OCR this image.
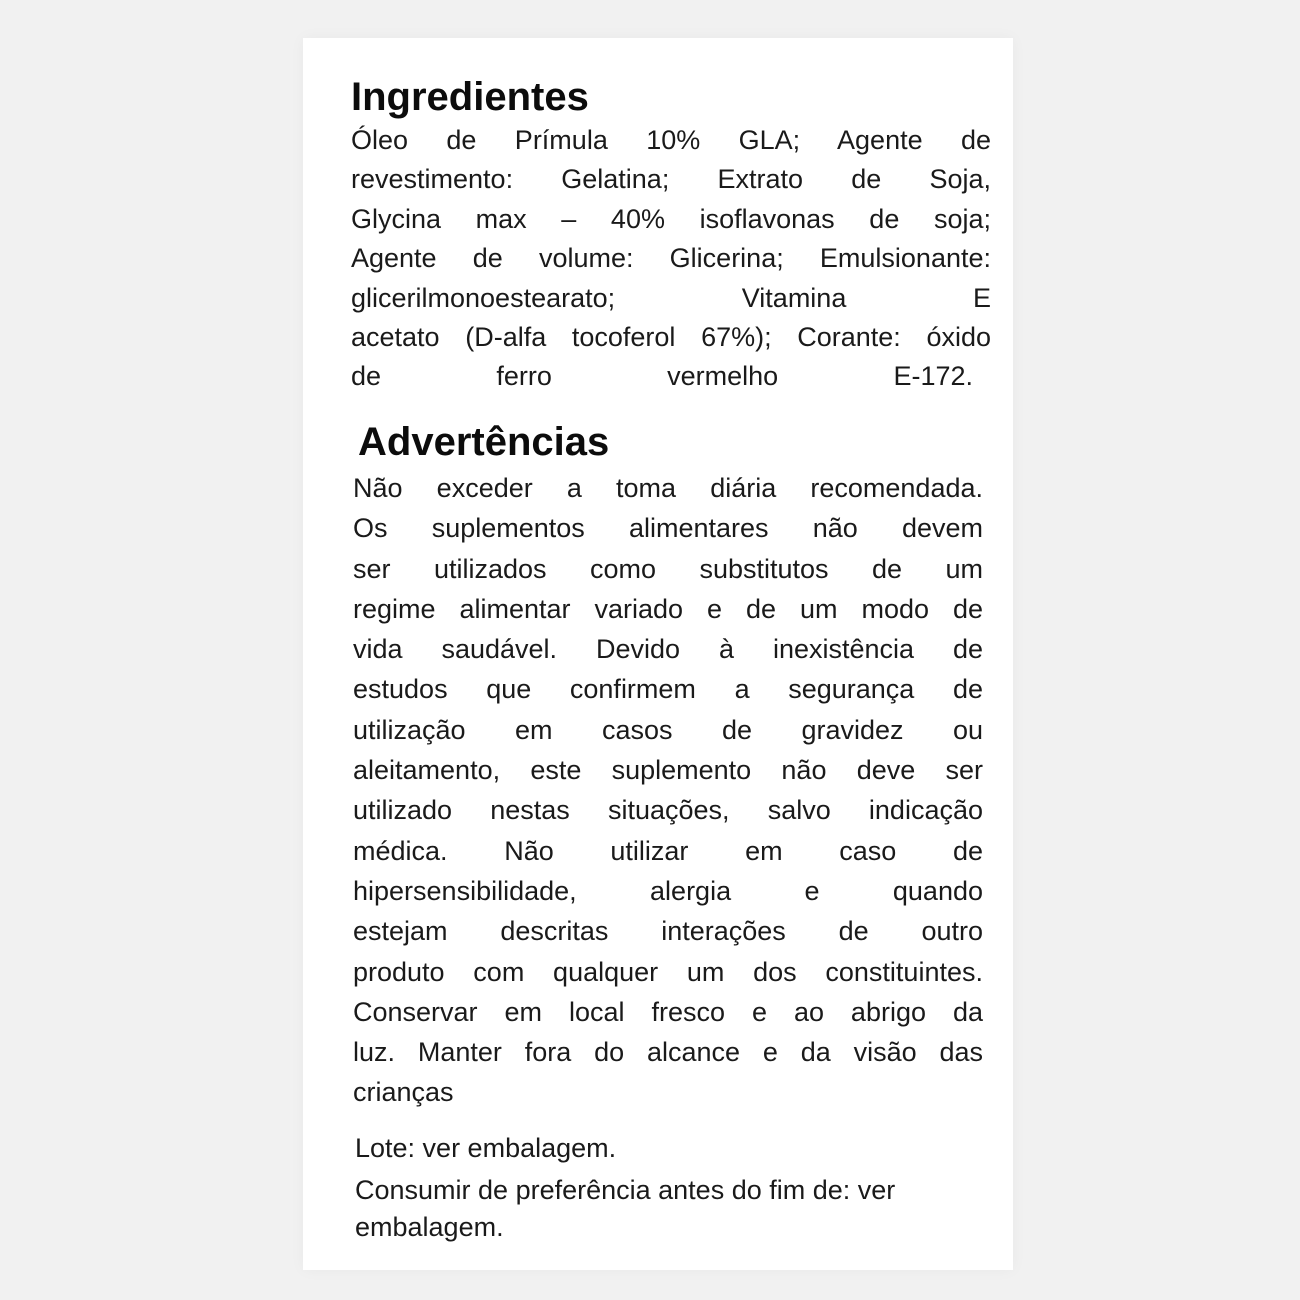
Ingredientes
Óleo de Prímula 10% GLA; Agente de
revestimento: Gelatina; Extrato de Soja,
Glycina max – 40% isoflavonas de soja;
Agente de volume: Glicerina; Emulsionante:
glicerilmonoestearato; Vitamina E
acetato (D-alfa tocoferol 67%); Corante: óxido
de ferro vermelho E-172.
Advertências
Não exceder a toma diária recomendada.
Os suplementos alimentares não devem
ser utilizados como substitutos de um
regime alimentar variado e de um modo de
vida saudável. Devido à inexistência de
estudos que confirmem a segurança de
utilização em casos de gravidez ou
aleitamento, este suplemento não deve ser
utilizado nestas situações, salvo indicação
médica. Não utilizar em caso de
hipersensibilidade, alergia e quando
estejam descritas interações de outro
produto com qualquer um dos constituintes.
Conservar em local fresco e ao abrigo da
luz. Manter fora do alcance e da visão das
crianças

Lote: ver embalagem.

Consumir de preferência antes do fim de: ver

embalagem.
